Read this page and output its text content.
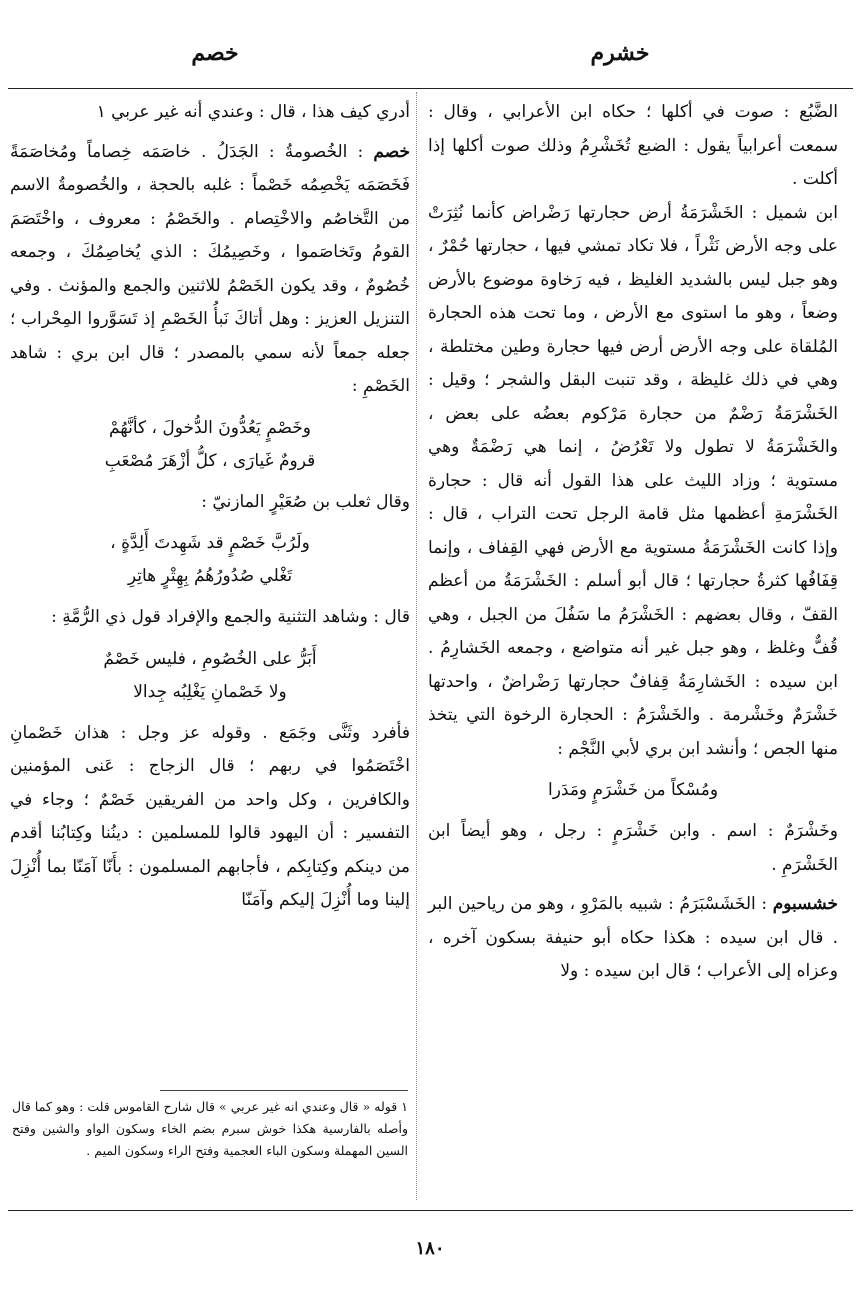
خشرم
خصم

الضَّبُع : صوت في أكلها ؛ حكاه ابن الأعرابي ، وقال : سمعت أعرابياً يقول : الضبع تُخَشْرِمُ وذلك صوت أكلها إذا أكلت .

ابن شميل : الخَشْرَمَةُ أرض حجارتها رَضْراض كأنما نُثِرَتْ على وجه الأرض نَثْراً ، فلا تكاد تمشي فيها ، حجارتها حُمْرٌ ، وهو جبل ليس بالشديد الغليظ ، فيه رَخاوة موضوع بالأرض وضعاً ، وهو ما استوى مع الأرض ، وما تحت هذه الحجارة المُلقاة على وجه الأرض أرض فيها حجارة وطين مختلطة ، وهي في ذلك غليظة ، وقد تنبت البقل والشجر ؛ وقيل : الخَشْرَمَةُ رَضْمٌ من حجارة مَرْكوم بعضُه على بعض ، والخَشْرَمَةُ لا تطول ولا تَعْرُضُ ، إنما هي رَضْمَةٌ وهي مستوية ؛ وزاد الليث على هذا القول أنه قال : حجارة الخَشْرَمةِ أعظمها مثل قامة الرجل تحت التراب ، قال : وإذا كانت الخَشْرَمَةُ مستوية مع الأرض فهي القِفاف ، وإنما قِفَافُها كثرةُ حجارتها ؛ قال أبو أسلم : الخَشْرَمَةُ من أعظم القفّ ، وقال بعضهم : الخَشْرَمُ ما سَفُلَ من الجبل ، وهي قُفٌّ وغلظ ، وهو جبل غير أنه متواضع ، وجمعه الخَشارِمُ . ابن سيده : الخَشارِمَةُ قِفافٌ حجارتها رَضْراضٌ ، واحدتها خَشْرَمٌ وخَشْرمة . والخَشْرَمُ : الحجارة الرخوة التي يتخذ منها الجص ؛ وأنشد ابن بري لأبي النَّجْم :

ومُسْكاً من خَشْرَمٍ ومَدَرا

وخَشْرَمٌ : اسم . وابن خَشْرَمٍ : رجل ، وهو أيضاً ابن الخَشْرَمِ .

خشسبوم : الخَشَسْبَرَمُ : شبيه بالمَرْوِ ، وهو من رياحين البر . قال ابن سيده : هكذا حكاه أبو حنيفة بسكون آخره ، وعزاه إلى الأعراب ؛ قال ابن سيده : ولا

أدري كيف هذا ، قال : وعندي أنه غير عربي ١

خصم : الخُصومةُ : الجَدَلُ . خاصَمَه خِصاماً ومُخاصَمَةً فَخَصَمَه يَخْصِمُه خَصْماً : غلبه بالحجة ، والخُصومةُ الاسم من التَّخاصُم والاخْتِصام . والخَصْمُ : معروف ، واخْتَصَمَ القومُ وتَخاصَموا ، وخَصِيمُكَ : الذي يُخاصِمُكَ ، وجمعه خُصُومٌ ، وقد يكون الخَصْمُ للاثنين والجمع والمؤنث . وفي التنزيل العزيز : وهل أتاكَ نَبأُ الخَصْمِ إذ تَسَوَّروا المِحْراب ؛ جعله جمعاً لأنه سمي بالمصدر ؛ قال ابن بري : شاهد الخَصْمِ :

وخَصْمٍ يَعُدُّونَ الدُّخولَ ، كأنَّهُمْ
قرومٌ غَيارَى ، كلُّ أزْهَرَ مُصْعَبِ

وقال ثعلب بن صُعَيْرٍ المازنيّ :

ولَرُبَّ خَصْمٍ قد شَهِدتَ أَلِدَّةٍ ،
تَغْلي صُدُورُهُمُ بِهِتْرٍ هاتِرِ

قال : وشاهد التثنية والجمع والإفراد قول ذي الرُّمَّةِ :

أَبَرُّ على الخُصُومِ ، فليس خَصْمٌ
ولا خَصْمانِ يَغْلِبُه جِدالا

فأفرد وثَنَّى وجَمَع . وقوله عز وجل : هذان خَصْمانِ اخْتَصَمُوا في ربهم ؛ قال الزجاج : عَنى المؤمنين والكافرين ، وكل واحد من الفريقين خَصْمٌ ؛ وجاء في التفسير : أن اليهود قالوا للمسلمين : دينُنا وكِتابُنا أقدم من دينكم وكِتابِكم ، فأجابهم المسلمون : بأَنّا آمَنّا بما أُنْزِلَ إلينا وما أُنْزِلَ إليكم وآمَنّا

١ قوله « قال وعندي انه غير عربي » قال شارح القاموس قلت : وهو كما قال وأصله بالفارسية هكذا خوش سبرم بضم الخاء وسكون الواو والشين وفتح السين المهملة وسكون الباء العجمية وفتح الراء وسكون الميم .
١٨٠
